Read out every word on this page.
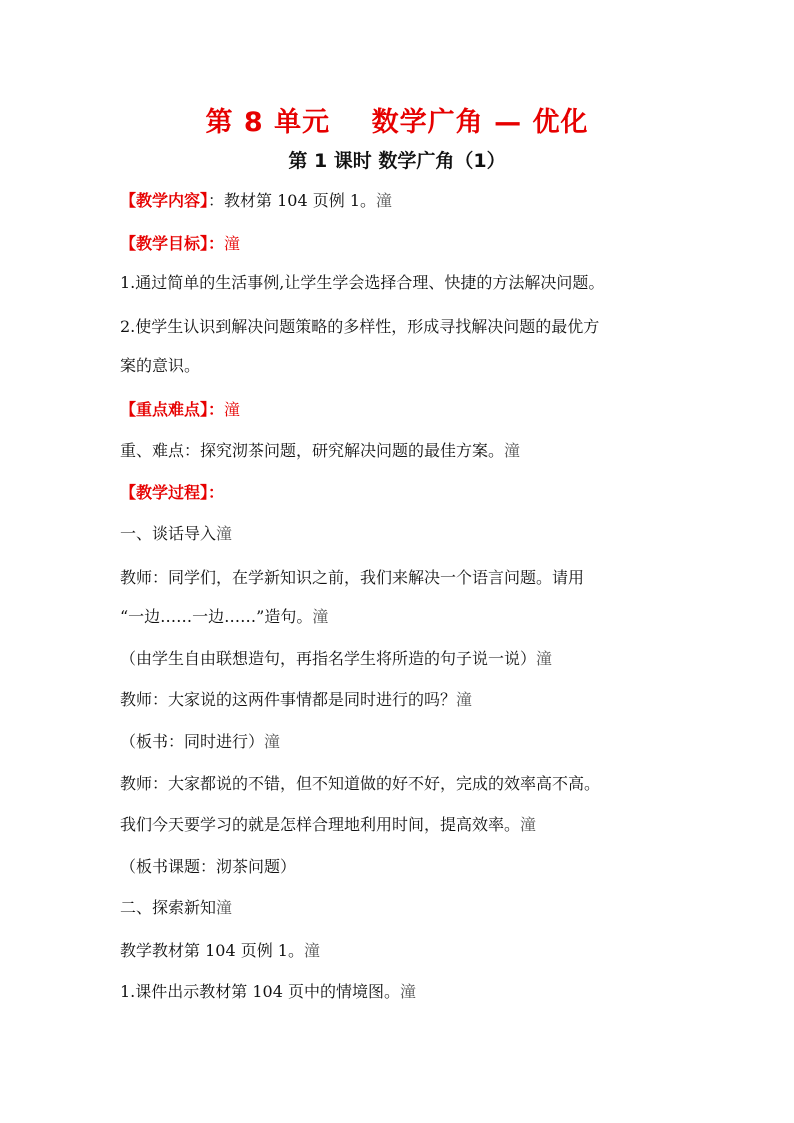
第 8 单元    数学广角 — 优化
第 1 课时 数学广角（1）
【教学内容】：教材第 104 页例 1。潼
【教学目标】：潼
1.通过简单的生活事例,让学生学会选择合理、快捷的方法解决问题。
2.使学生认识到解决问题策略的多样性，形成寻找解决问题的最优方
案的意识。
【重点难点】：潼
重、难点：探究沏茶问题，研究解决问题的最佳方案。潼
【教学过程】：
一、谈话导入潼
教师：同学们，在学新知识之前，我们来解决一个语言问题。请用
“一边……一边……”造句。潼
（由学生自由联想造句，再指名学生将所造的句子说一说）潼
教师：大家说的这两件事情都是同时进行的吗？潼
（板书：同时进行）潼
教师：大家都说的不错，但不知道做的好不好，完成的效率高不高。
我们今天要学习的就是怎样合理地利用时间，提高效率。潼
（板书课题：沏茶问题）
二、探索新知潼
教学教材第 104 页例 1。潼
1.课件出示教材第 104 页中的情境图。潼
